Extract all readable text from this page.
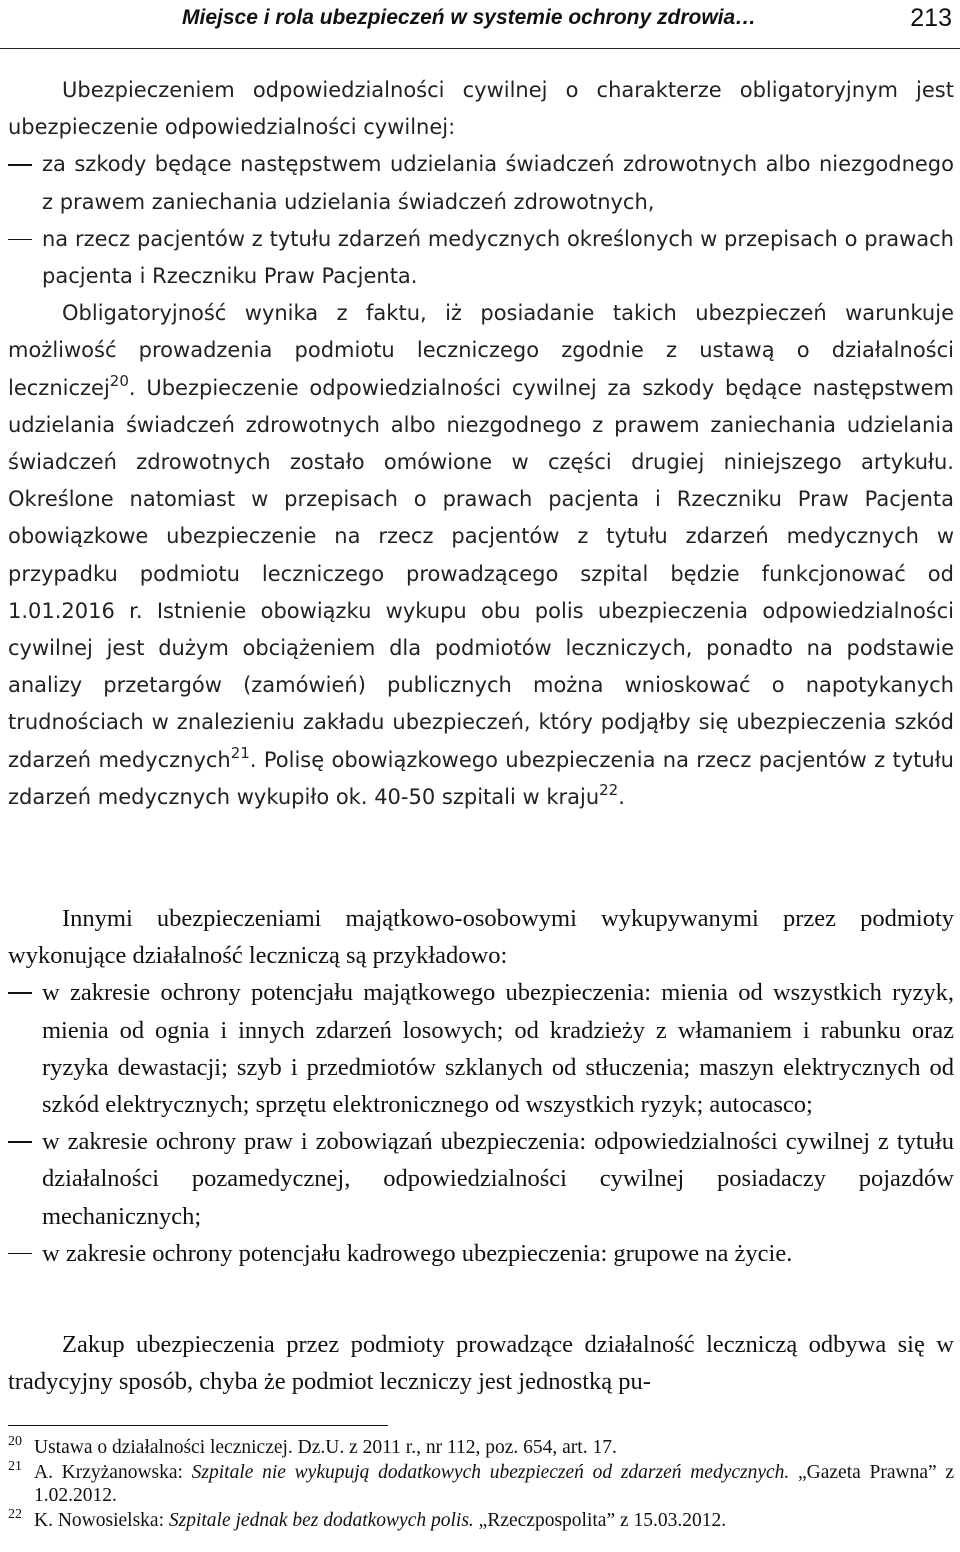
Miejsce i rola ubezpieczeń w systemie ochrony zdrowia…	213

Ubezpieczeniem odpowiedzialności cywilnej o charakterze obligatoryjnym jest ubezpieczenie odpowiedzialności cywilnej:

za szkody będące następstwem udzielania świadczeń zdrowotnych albo niezgodnego z prawem zaniechania udzielania świadczeń zdrowotnych,
na rzecz pacjentów z tytułu zdarzeń medycznych określonych w przepisach o prawach pacjenta i Rzeczniku Praw Pacjenta.

Obligatoryjność wynika z faktu, iż posiadanie takich ubezpieczeń warunkuje możliwość prowadzenia podmiotu leczniczego zgodnie z ustawą o działalności leczniczej$^{20}$. Ubezpieczenie odpowiedzialności cywilnej za szkody będące następstwem udzielania świadczeń zdrowotnych albo niezgodnego z prawem zaniechania udzielania świadczeń zdrowotnych zostało omówione w części drugiej niniejszego artykułu. Określone natomiast w przepisach o prawach pacjenta i Rzeczniku Praw Pacjenta obowiązkowe ubezpieczenie na rzecz pacjentów z tytułu zdarzeń medycznych w przypadku podmiotu leczniczego prowadzącego szpital będzie funkcjonować od 1.01.2016 r. Istnienie obowiązku wykupu obu polis ubezpieczenia odpowiedzialności cywilnej jest dużym obciążeniem dla podmiotów leczniczych, ponadto na podstawie analizy przetargów (zamówień) publicznych można wnioskować o napotykanych trudnościach w znalezieniu zakładu ubezpieczeń, który podjąłby się ubezpieczenia szkód zdarzeń medycznych$^{21}$. Polisę obowiązkowego ubezpieczenia na rzecz pacjentów z tytułu zdarzeń medycznych wykupiło ok. 40-50 szpitali w kraju$^{22}$.

Innymi ubezpieczeniami majątkowo-osobowymi wykupywanymi przez podmioty wykonujące działalność leczniczą są przykładowo:

w zakresie ochrony potencjału majątkowego ubezpieczenia: mienia od wszystkich ryzyk, mienia od ognia i innych zdarzeń losowych; od kradzieży z włamaniem i rabunku oraz ryzyka dewastacji; szyb i przedmiotów szklanych od stłuczenia; maszyn elektrycznych od szkód elektrycznych; sprzętu elektronicznego od wszystkich ryzyk; autocasco;
w zakresie ochrony praw i zobowiązań ubezpieczenia: odpowiedzialności cywilnej z tytułu działalności pozamedycznej, odpowiedzialności cywilnej posiadaczy pojazdów mechanicznych;
w zakresie ochrony potencjału kadrowego ubezpieczenia: grupowe na życie.

Zakup ubezpieczenia przez podmioty prowadzące działalność leczniczą odbywa się w tradycyjny sposób, chyba że podmiot leczniczy jest jednostką pu-

20 Ustawa o działalności leczniczej. Dz.U. z 2011 r., nr 112, poz. 654, art. 17.

21 A. Krzyżanowska: Szpitale nie wykupują dodatkowych ubezpieczeń od zdarzeń medycznych. „Gazeta Prawna” z 1.02.2012.

22 K. Nowosielska: Szpitale jednak bez dodatkowych polis. „Rzeczpospolita” z 15.03.2012.
